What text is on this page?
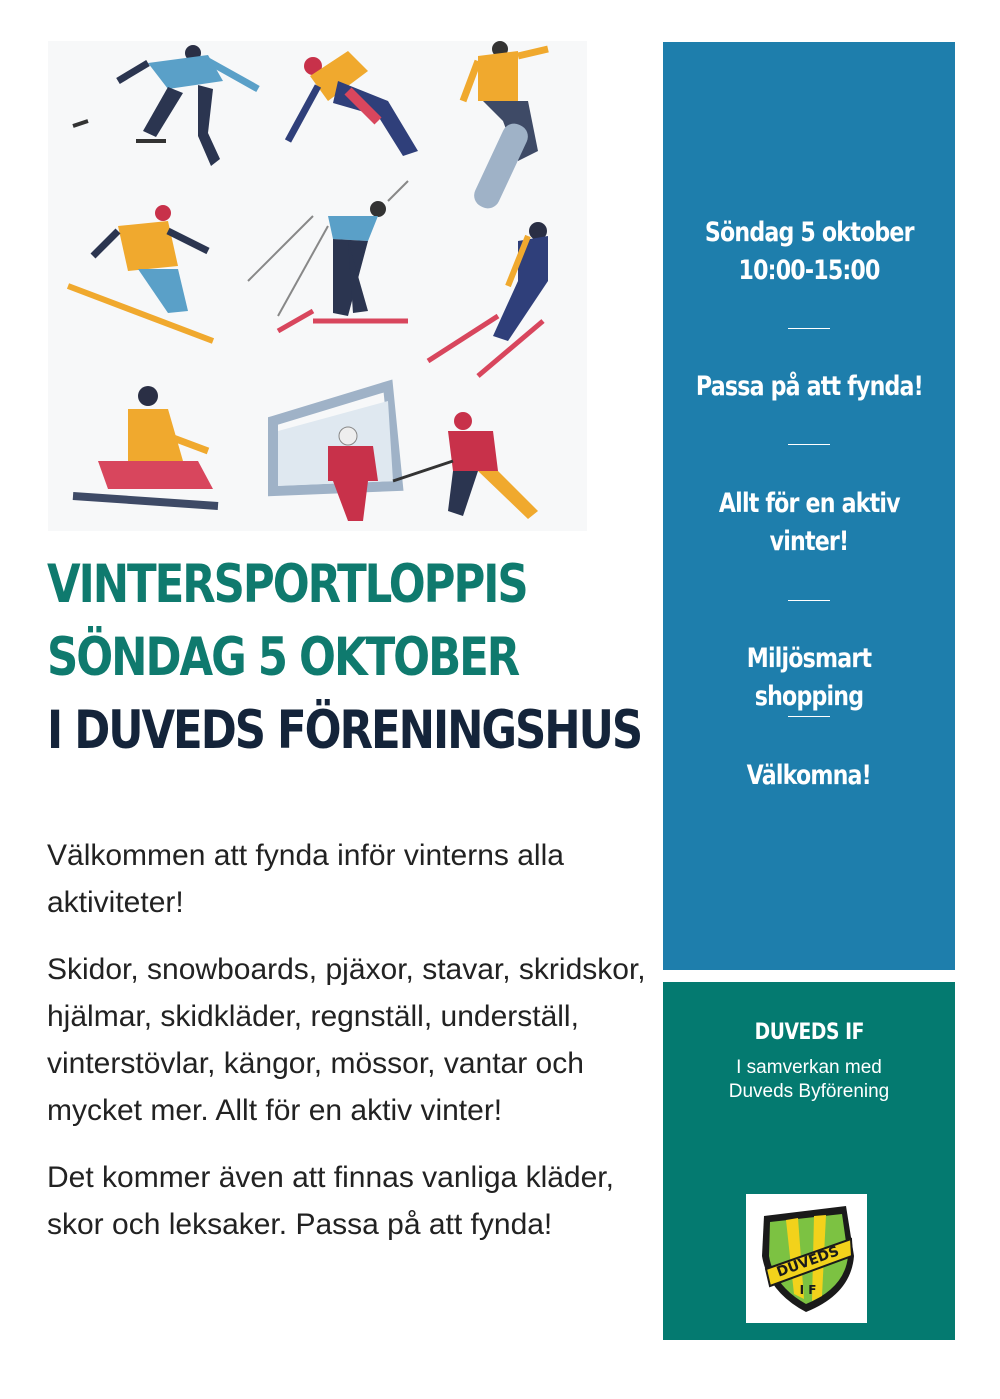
VINTERSPORTLOPPIS
SÖNDAG 5 OKTOBER
I DUVEDS FÖRENINGSHUS

Välkommen att fynda inför vinterns alla aktiviteter!

Skidor, snowboards, pjäxor, stavar, skridskor, hjälmar, skidkläder, regnställ, underställ, vinterstövlar, kängor, mössor, vantar och mycket mer. Allt för en aktiv vinter!

Det kommer även att finnas vanliga kläder, skor och leksaker. Passa på att fynda!

Söndag 5 oktober
10:00-15:00
Passa på att fynda!
Allt för en aktiv
vinter!
Miljösmart shopping
Välkomna!
DUVEDS IF
I samverkan med
Duveds Byförening
DUVEDS
I F
